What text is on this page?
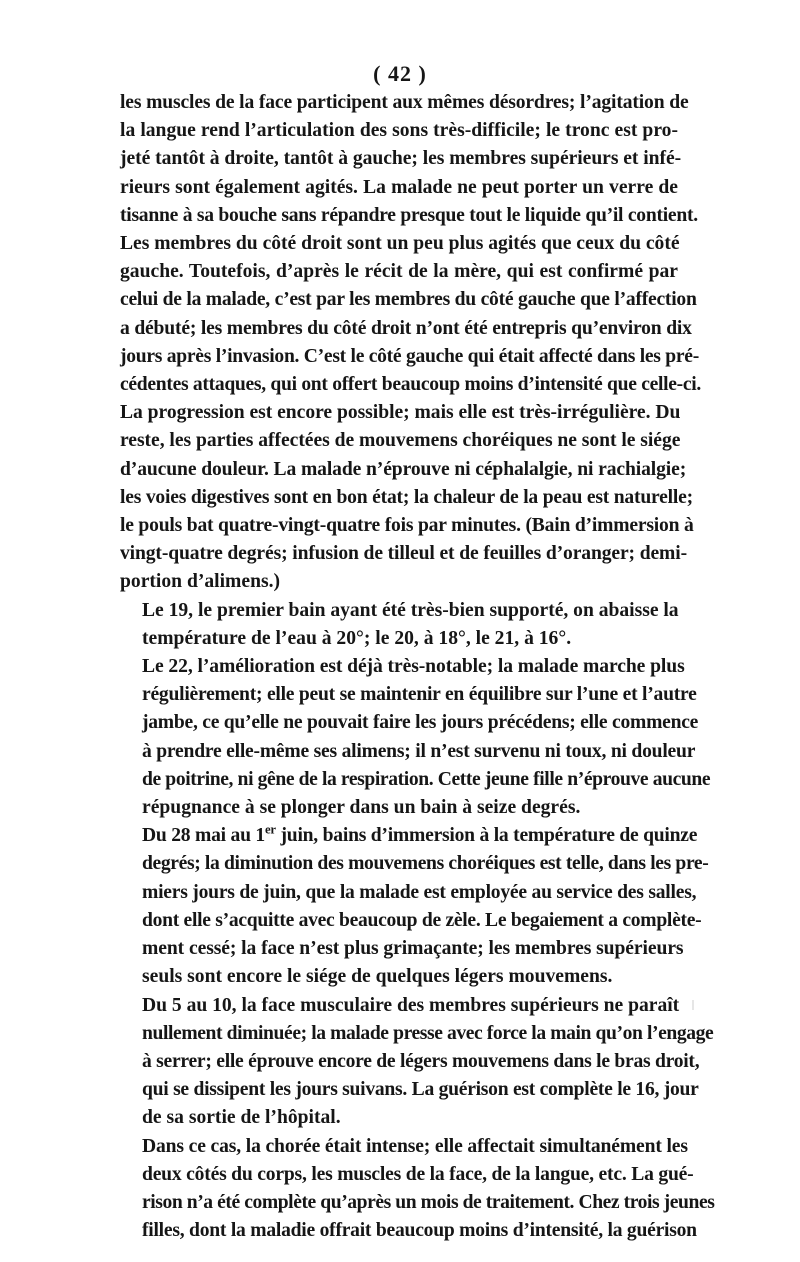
( 42 )
les muscles de la face participent aux mêmes désordres; l’agitation de
la langue rend l’articulation des sons très-difficile; le tronc est pro-
jeté tantôt à droite, tantôt à gauche; les membres supérieurs et infé-
rieurs sont également agités. La malade ne peut porter un verre de
tisanne à sa bouche sans répandre presque tout le liquide qu’il contient.
Les membres du côté droit sont un peu plus agités que ceux du côté
gauche. Toutefois, d’après le récit de la mère, qui est confirmé par
celui de la malade, c’est par les membres du côté gauche que l’affection
a débuté; les membres du côté droit n’ont été entrepris qu’environ dix
jours après l’invasion. C’est le côté gauche qui était affecté dans les pré-
cédentes attaques, qui ont offert beaucoup moins d’intensité que celle-ci.
La progression est encore possible; mais elle est très-irrégulière. Du
reste, les parties affectées de mouvemens choréiques ne sont le siége
d’aucune douleur. La malade n’éprouve ni céphalalgie, ni rachialgie;
les voies digestives sont en bon état; la chaleur de la peau est naturelle;
le pouls bat quatre-vingt-quatre fois par minutes. (Bain d’immersion à
vingt-quatre degrés; infusion de tilleul et de feuilles d’oranger; demi-
portion d’alimens.)
Le 19, le premier bain ayant été très-bien supporté, on abaisse la
température de l’eau à 20°; le 20, à 18°, le 21, à 16°.
Le 22, l’amélioration est déjà très-notable; la malade marche plus
régulièrement; elle peut se maintenir en équilibre sur l’une et l’autre
jambe, ce qu’elle ne pouvait faire les jours précédens; elle commence
à prendre elle-même ses alimens; il n’est survenu ni toux, ni douleur
de poitrine, ni gêne de la respiration. Cette jeune fille n’éprouve aucune
répugnance à se plonger dans un bain à seize degrés.
Du 28 mai au 1er juin, bains d’immersion à la température de quinze
degrés; la diminution des mouvemens choréiques est telle, dans les pre-
miers jours de juin, que la malade est employée au service des salles,
dont elle s’acquitte avec beaucoup de zèle. Le begaiement a complète-
ment cessé; la face n’est plus grimaçante; les membres supérieurs
seuls sont encore le siége de quelques légers mouvemens.
Du 5 au 10, la face musculaire des membres supérieurs ne paraît
nullement diminuée; la malade presse avec force la main qu’on l’engage
à serrer; elle éprouve encore de légers mouvemens dans le bras droit,
qui se dissipent les jours suivans. La guérison est complète le 16, jour
de sa sortie de l’hôpital.
Dans ce cas, la chorée était intense; elle affectait simultanément les
deux côtés du corps, les muscles de la face, de la langue, etc. La gué-
rison n’a été complète qu’après un mois de traitement. Chez trois jeunes
filles, dont la maladie offrait beaucoup moins d’intensité, la guérison
